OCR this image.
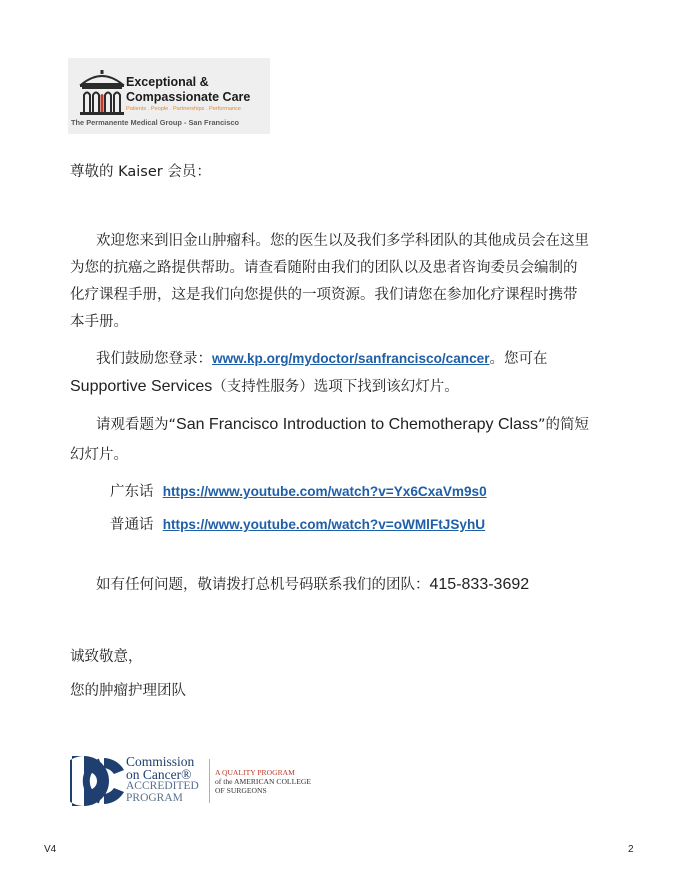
Exceptional &
Compassionate Care
Patients . People . Partnerships . Performance
The Permanente Medical Group - San Francisco
尊敬的 Kaiser 会员：
欢迎您来到旧金山肿瘤科。您的医生以及我们多学科团队的其他成员会在这里
为您的抗癌之路提供帮助。请查看随附由我们的团队以及患者咨询委员会编制的
化疗课程手册，这是我们向您提供的一项资源。我们请您在参加化疗课程时携带
本手册。
我们鼓励您登录：www.kp.org/mydoctor/sanfrancisco/cancer。您可在
Supportive Services（支持性服务）选项下找到该幻灯片。
请观看题为“San Francisco Introduction to Chemotherapy Class”的简短
幻灯片。
广东话 https://www.youtube.com/watch?v=Yx6CxaVm9s0
普通话 https://www.youtube.com/watch?v=oWMlFtJSyhU
如有任何问题，敬请拨打总机号码联系我们的团队：415-833-3692
诚致敬意，
您的肿瘤护理团队
Commission
on Cancer®
ACCREDITED
PROGRAM
A QUALITY PROGRAM
of the AMERICAN COLLEGE
OF SURGEONS
V4	2
